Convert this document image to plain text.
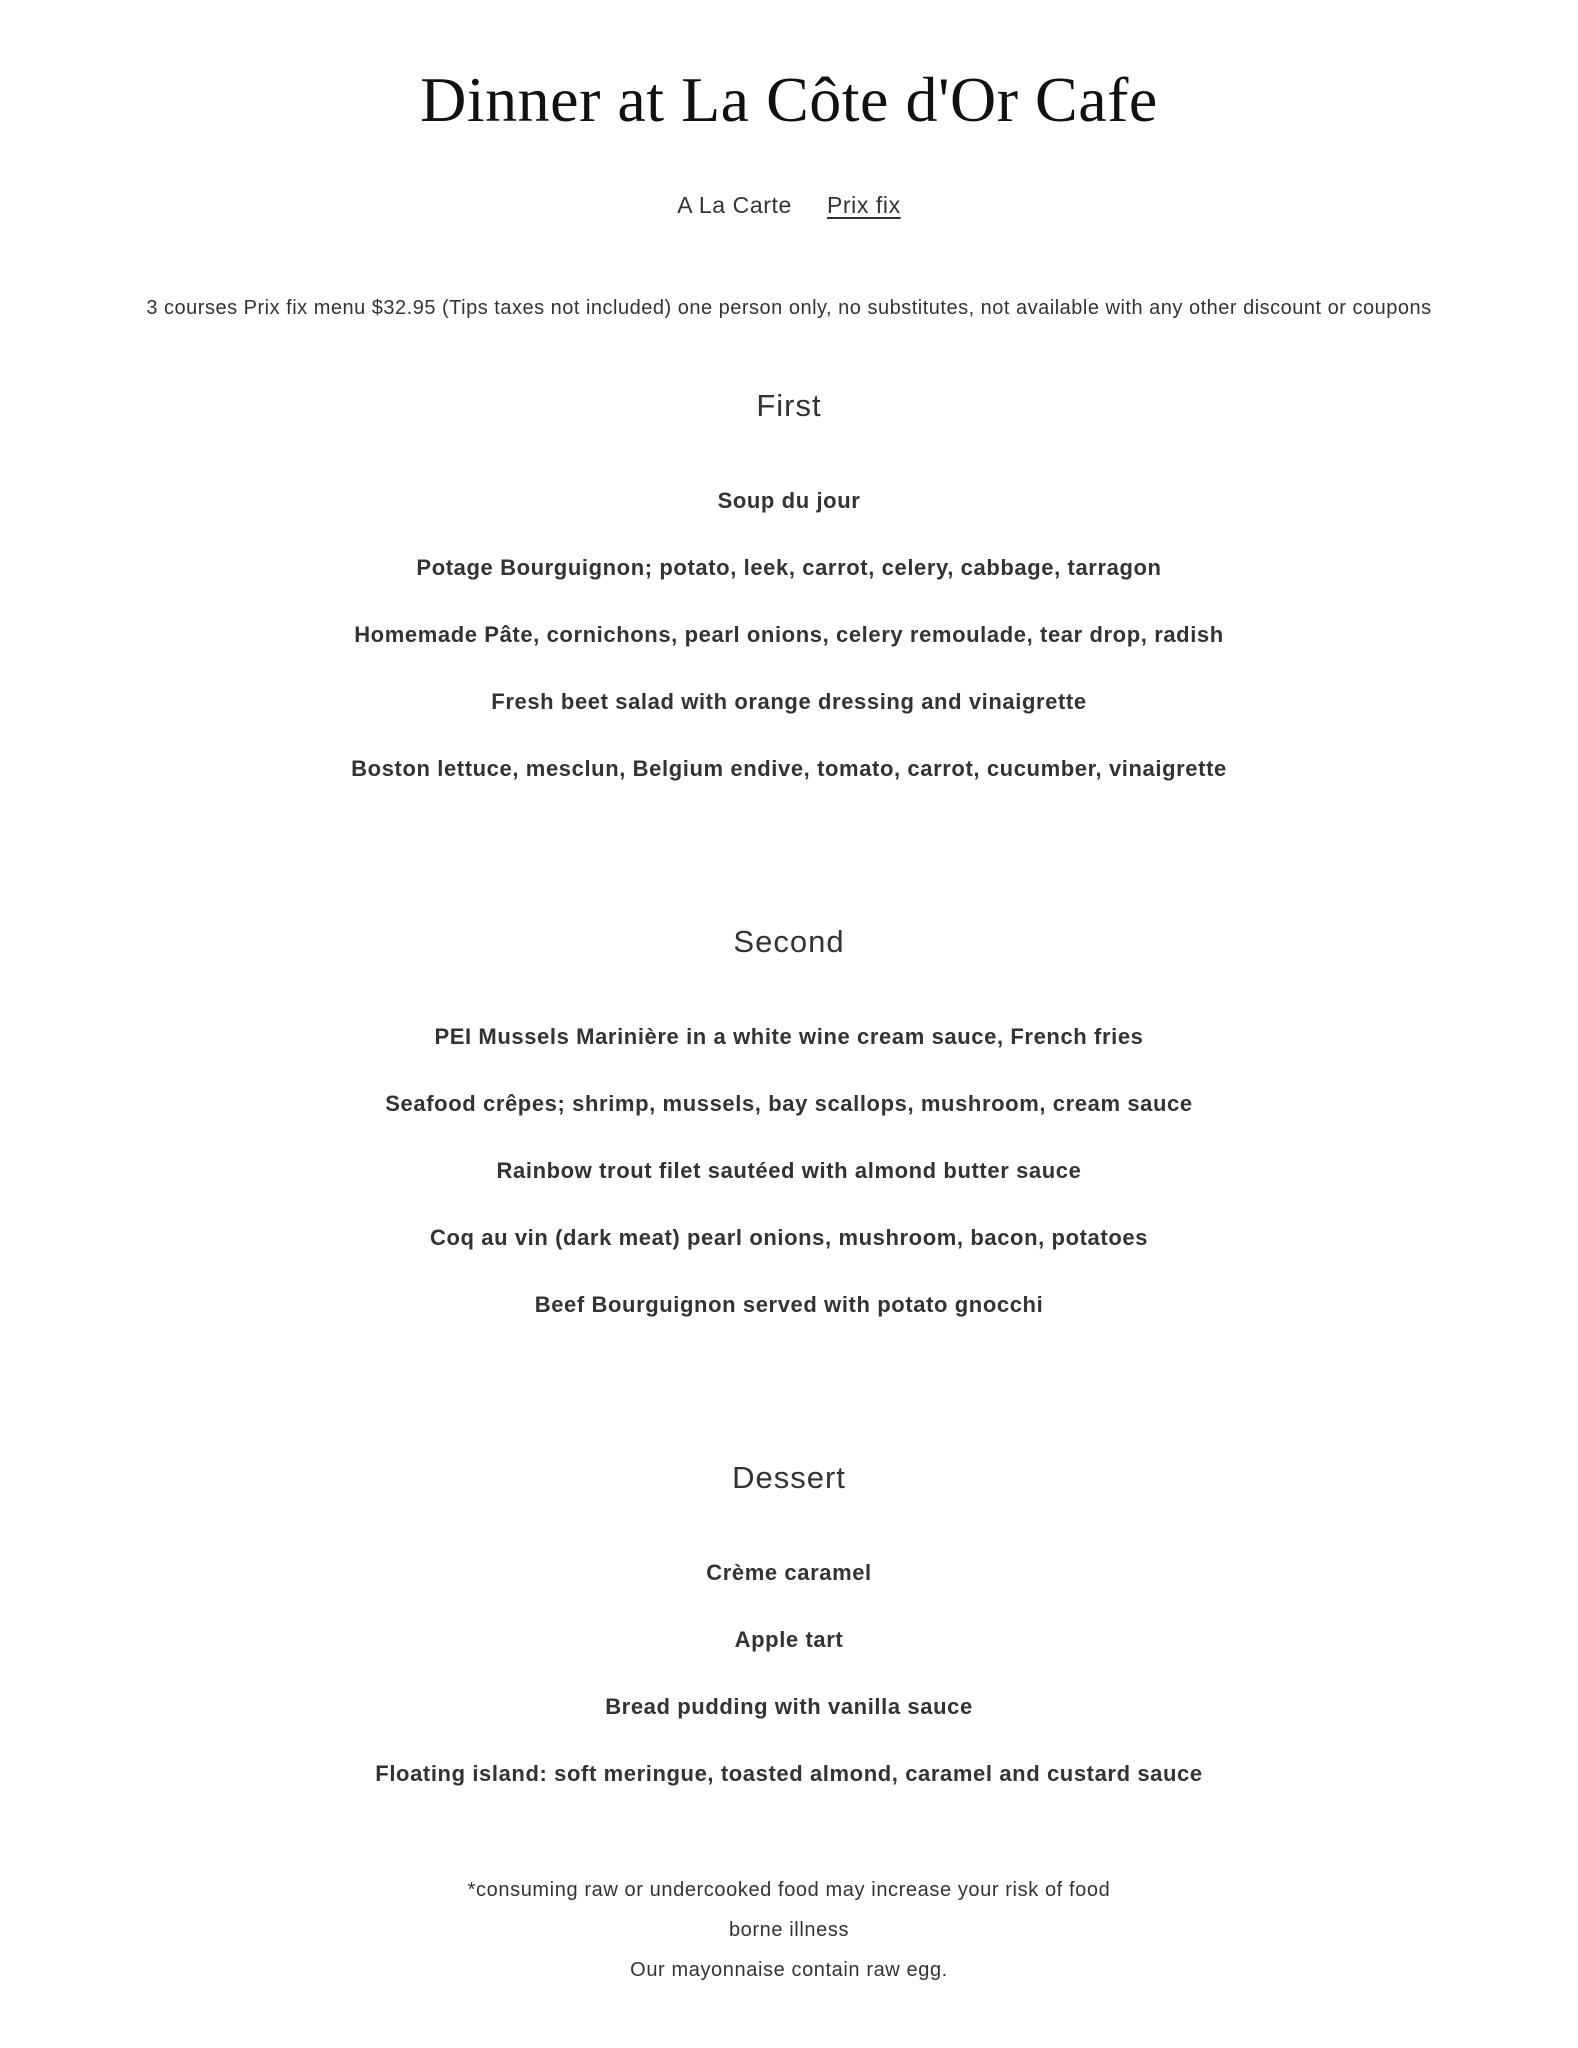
Dinner at La Côte d'Or Cafe
A La Carte Prix fix
3 courses Prix fix menu $32.95 (Tips taxes not included) one person only, no substitutes, not available with any other discount or coupons
First

Soup du jour

Potage Bourguignon; potato, leek, carrot, celery, cabbage, tarragon

Homemade Pâte, cornichons, pearl onions, celery remoulade, tear drop, radish

Fresh beet salad with orange dressing and vinaigrette

Boston lettuce, mesclun, Belgium endive, tomato, carrot, cucumber, vinaigrette

Second

PEI Mussels Marinière in a white wine cream sauce, French fries

Seafood crêpes; shrimp, mussels, bay scallops, mushroom, cream sauce

Rainbow trout filet sautéed with almond butter sauce

Coq au vin (dark meat) pearl onions, mushroom, bacon, potatoes

Beef Bourguignon served with potato gnocchi

Dessert

Crème caramel

Apple tart

Bread pudding with vanilla sauce

Floating island: soft meringue, toasted almond, caramel and custard sauce

*consuming raw or undercooked food may increase your risk of food
borne illness
Our mayonnaise contain raw egg.
